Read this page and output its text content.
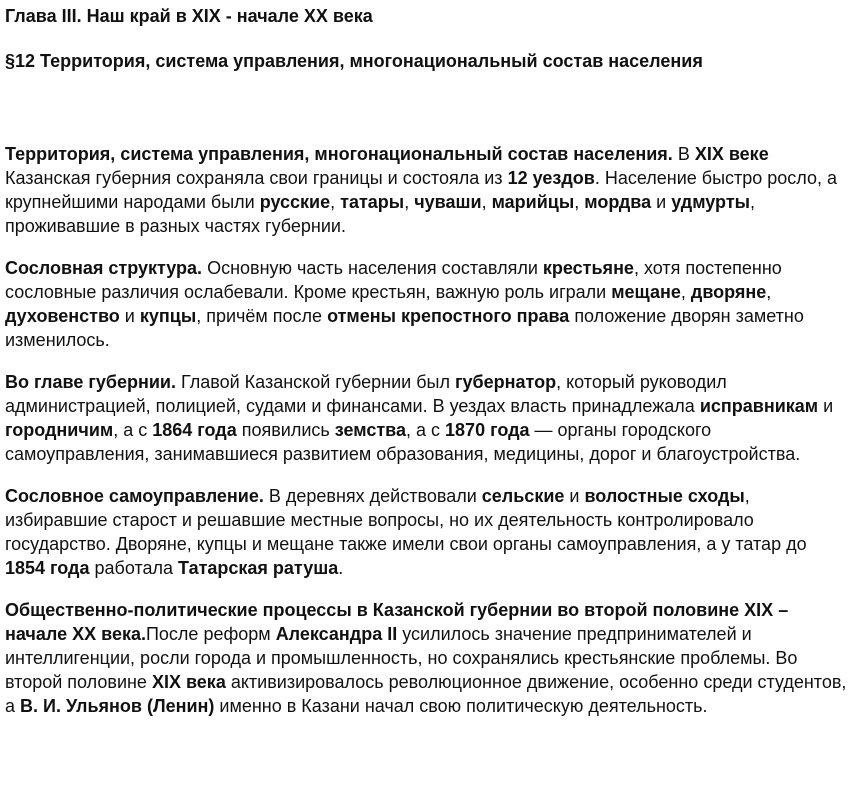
Глава III. Наш край в XIX - начале XX века
§12 Территория, система управления, многонациональный состав населения

Территория, система управления, многонациональный состав населения. В XIX веке Казанская губерния сохраняла свои границы и состояла из 12 уездов. Население быстро росло, а крупнейшими народами были русские, татары, чуваши, марийцы, мордва и удмурты, проживавшие в разных частях губернии.

Сословная структура. Основную часть населения составляли крестьяне, хотя постепенно сословные различия ослабевали. Кроме крестьян, важную роль играли мещане, дворяне, духовенство и купцы, причём после отмены крепостного права положение дворян заметно изменилось.

Во главе губернии. Главой Казанской губернии был губернатор, который руководил администрацией, полицией, судами и финансами. В уездах власть принадлежала исправникам и городничим, а с 1864 года появились земства, а с 1870 года — органы городского самоуправления, занимавшиеся развитием образования, медицины, дорог и благоустройства.

Сословное самоуправление. В деревнях действовали сельские и волостные сходы, избиравшие старост и решавшие местные вопросы, но их деятельность контролировало государство. Дворяне, купцы и мещане также имели свои органы самоуправления, а у татар до 1854 года работала Татарская ратуша.

Общественно-политические процессы в Казанской губернии во второй половине XIX – начале XX века.После реформ Александра II усилилось значение предпринимателей и интеллигенции, росли города и промышленность, но сохранялись крестьянские проблемы. Во второй половине XIX века активизировалось революционное движение, особенно среди студентов, а В. И. Ульянов (Ленин) именно в Казани начал свою политическую деятельность.
